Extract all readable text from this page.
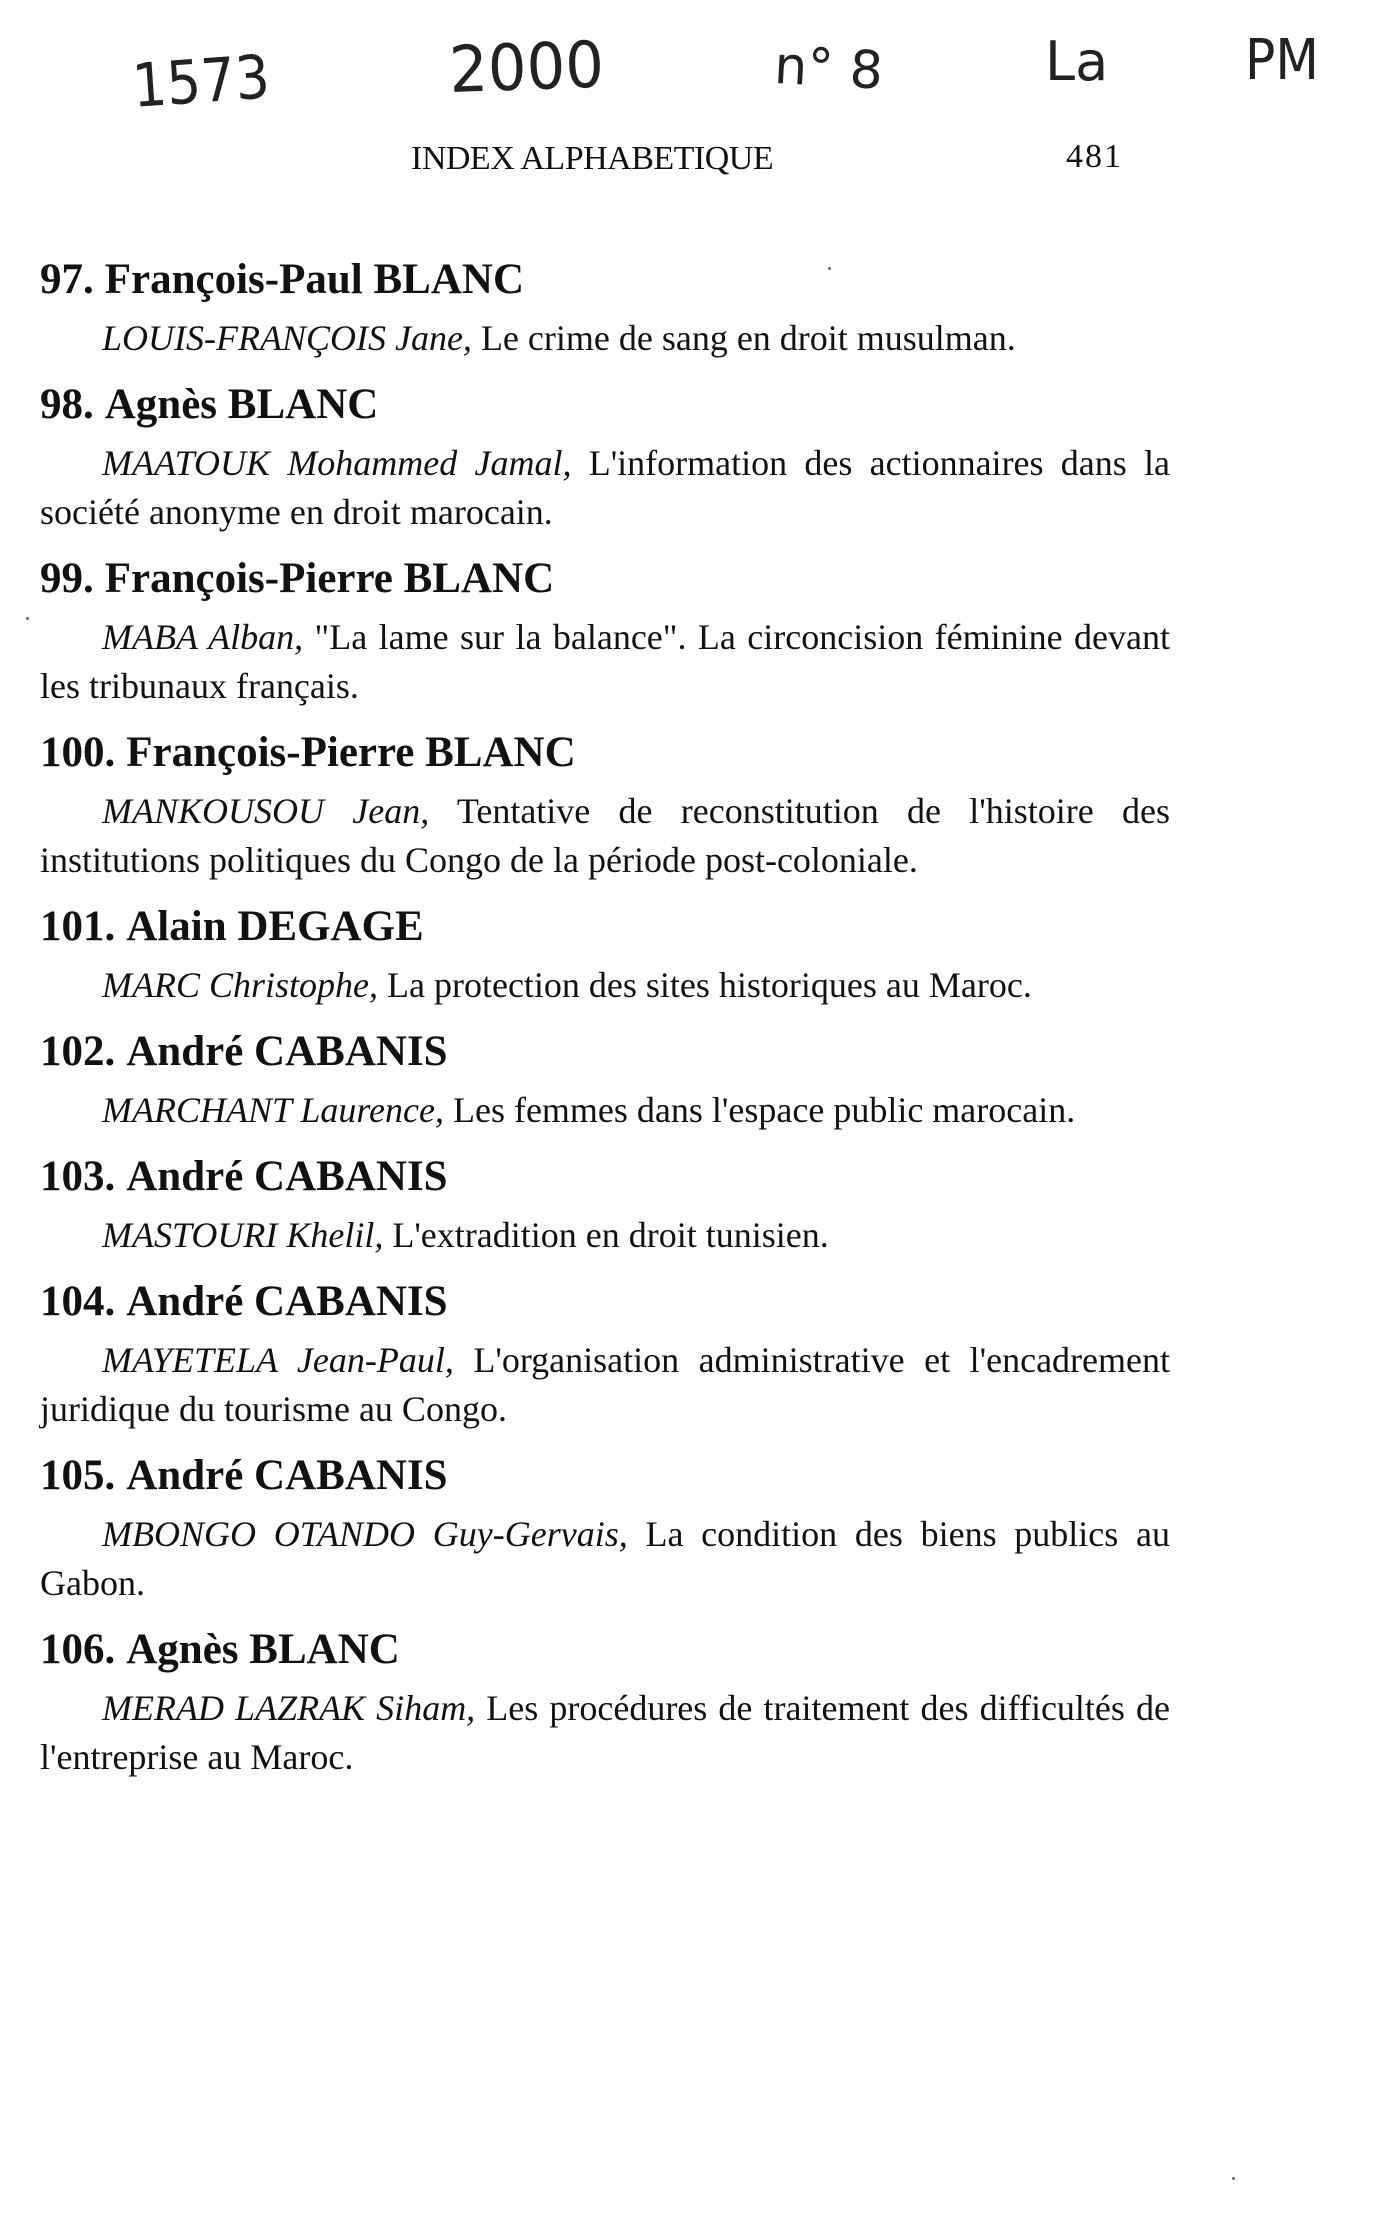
1573	2000	n° 8	La PM
INDEX ALPHABETIQUE	481
97. François-Paul BLANC
LOUIS-FRANÇOIS Jane, Le crime de sang en droit musulman.
98. Agnès BLANC
MAATOUK Mohammed Jamal, L'information des actionnaires dans la société anonyme en droit marocain.
99. François-Pierre BLANC
MABA Alban, "La lame sur la balance". La circoncision féminine devant les tribunaux français.
100. François-Pierre BLANC
MANKOUSOU Jean, Tentative de reconstitution de l'histoire des institutions politiques du Congo de la période post-coloniale.
101. Alain DEGAGE
MARC Christophe, La protection des sites historiques au Maroc.
102. André CABANIS
MARCHANT Laurence, Les femmes dans l'espace public marocain.
103. André CABANIS
MASTOURI Khelil, L'extradition en droit tunisien.
104. André CABANIS
MAYETELA Jean-Paul, L'organisation administrative et l'encadrement juridique du tourisme au Congo.
105. André CABANIS
MBONGO OTANDO Guy-Gervais, La condition des biens publics au Gabon.
106. Agnès BLANC
MERAD LAZRAK Siham, Les procédures de traitement des difficultés de l'entreprise au Maroc.
